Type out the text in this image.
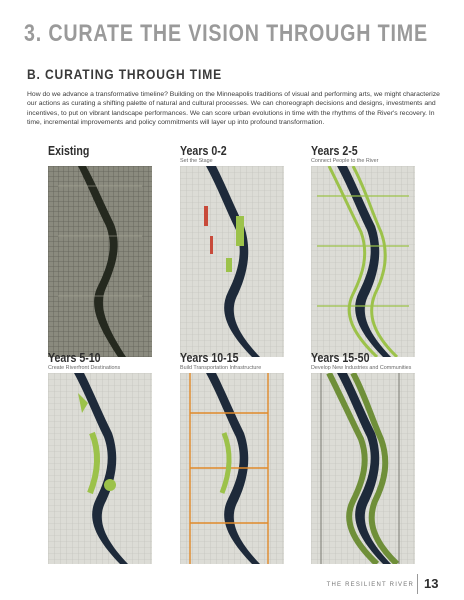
3. CURATE THE VISION THROUGH TIME
B. CURATING THROUGH TIME
How do we advance a transformative timeline? Building on the Minneapolis traditions of visual and performing arts, we might characterize our actions as curating a shifting palette of natural and cultural processes. We can choreograph decisions and designs, investments and incentives, to put on vibrant landscape performances. We can score urban evolutions in time with the rhythms of the River's recovery. In time, incremental improvements and policy commitments will layer up into profound transformation.
Existing	Years 0-2
Set the Stage
Years 2-5
Connect People to the River
Years 5-10
Create Riverfront Destinations
Years 10-15
Build Transportation Infrastructure
Years 15-50
Develop New Industries and Communities
THE RESILIENT RIVER 13
